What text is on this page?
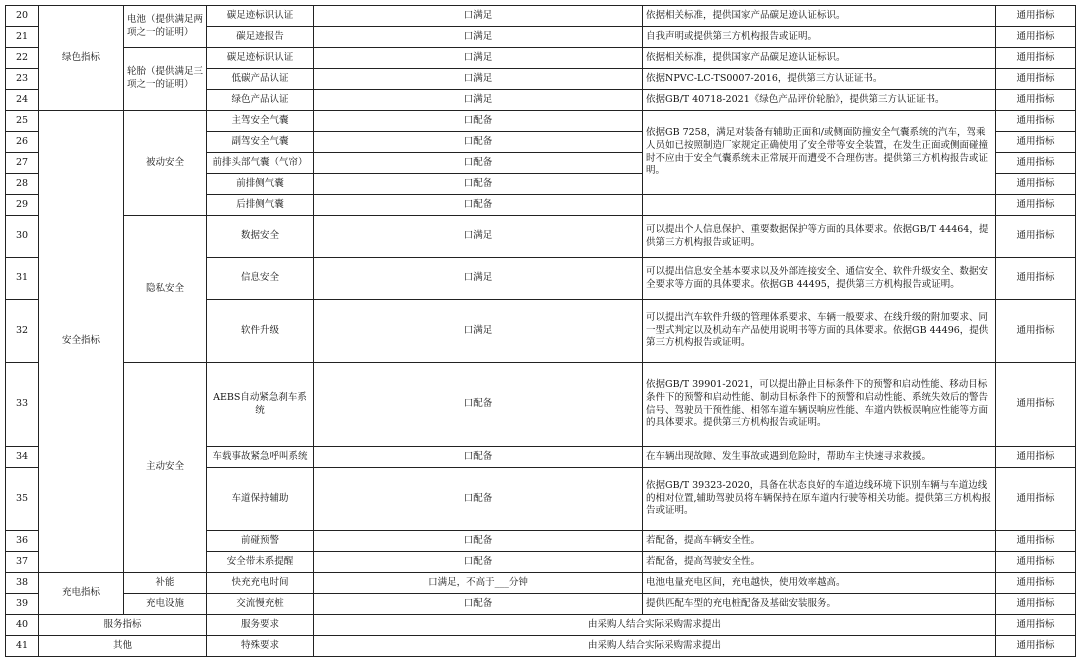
20	绿色指标	电池（提供满足两项之一的证明）	碳足迹标识认证	口满足	依据相关标准，提供国家产品碳足迹认证标识。	通用指标
21			碳足迹报告	口满足	自我声明或提供第三方机构报告或证明。	通用指标
22		轮胎（提供满足三项之一的证明）	碳足迹标识认证	口满足	依据相关标准，提供国家产品碳足迹认证标识。	通用指标
23			低碳产品认证	口满足	依据NPVC-LC-TS0007-2016，提供第三方认证证书。	通用指标
24			绿色产品认证	口满足	依据GB/T 40718-2021《绿色产品评价轮胎》，提供第三方认证证书。	通用指标
25	安全指标	被动安全	主驾安全气囊	口配备	依据GB 7258，满足对装备有辅助正面和/或侧面防撞安全气囊系统的汽车，驾乘人员如已按照制造厂家规定正确使用了安全带等安全装置，在发生正面或侧面碰撞时不应由于安全气囊系统未正常展开而遭受不合理伤害。提供第三方机构报告或证明。	通用指标
26			副驾安全气囊	口配备		通用指标
27			前排头部气囊（气帘）	口配备		通用指标
28			前排侧气囊	口配备		通用指标
29			后排侧气囊	口配备		通用指标
30		隐私安全	数据安全	口满足	可以提出个人信息保护、重要数据保护等方面的具体要求。依据GB/T 44464，提供第三方机构报告或证明。	通用指标
31			信息安全	口满足	可以提出信息安全基本要求以及外部连接安全、通信安全、软件升级安全、数据安全要求等方面的具体要求。依据GB 44495，提供第三方机构报告或证明。	通用指标
32			软件升级	口满足	可以提出汽车软件升级的管理体系要求、车辆一般要求、在线升级的附加要求、同一型式判定以及机动车产品使用说明书等方面的具体要求。依据GB 44496，提供第三方机构报告或证明。	通用指标
33		主动安全	AEBS自动紧急刹车系统	口配备	依据GB/T 39901-2021，可以提出静止目标条件下的预警和启动性能、移动目标条件下的预警和启动性能、制动目标条件下的预警和启动性能、系统失效后的警告信号、驾驶员干预性能、相邻车道车辆误响应性能、车道内铁板误响应性能等方面的具体要求。提供第三方机构报告或证明。	通用指标
34			车载事故紧急呼叫系统	口配备	在车辆出现故障、发生事故或遇到危险时，帮助车主快速寻求救援。	通用指标
35			车道保持辅助	口配备	依据GB/T 39323-2020，具备在状态良好的车道边线环境下识别车辆与车道边线的相对位置,辅助驾驶员将车辆保持在原车道内行驶等相关功能。提供第三方机构报告或证明。	通用指标
36			前碰预警	口配备	若配备，提高车辆安全性。	通用指标
37			安全带未系提醒	口配备	若配备，提高驾驶安全性。	通用指标
38	充电指标	补能	快充充电时间	口满足，不高于___分钟	电池电量充电区间，充电越快，使用效率越高。	通用指标
39		充电设施	交流慢充桩	口配备	提供匹配车型的充电桩配备及基础安装服务。	通用指标
40	服务指标		服务要求	由采购人结合实际采购需求提出		通用指标
41	其他		特殊要求	由采购人结合实际采购需求提出		通用指标
